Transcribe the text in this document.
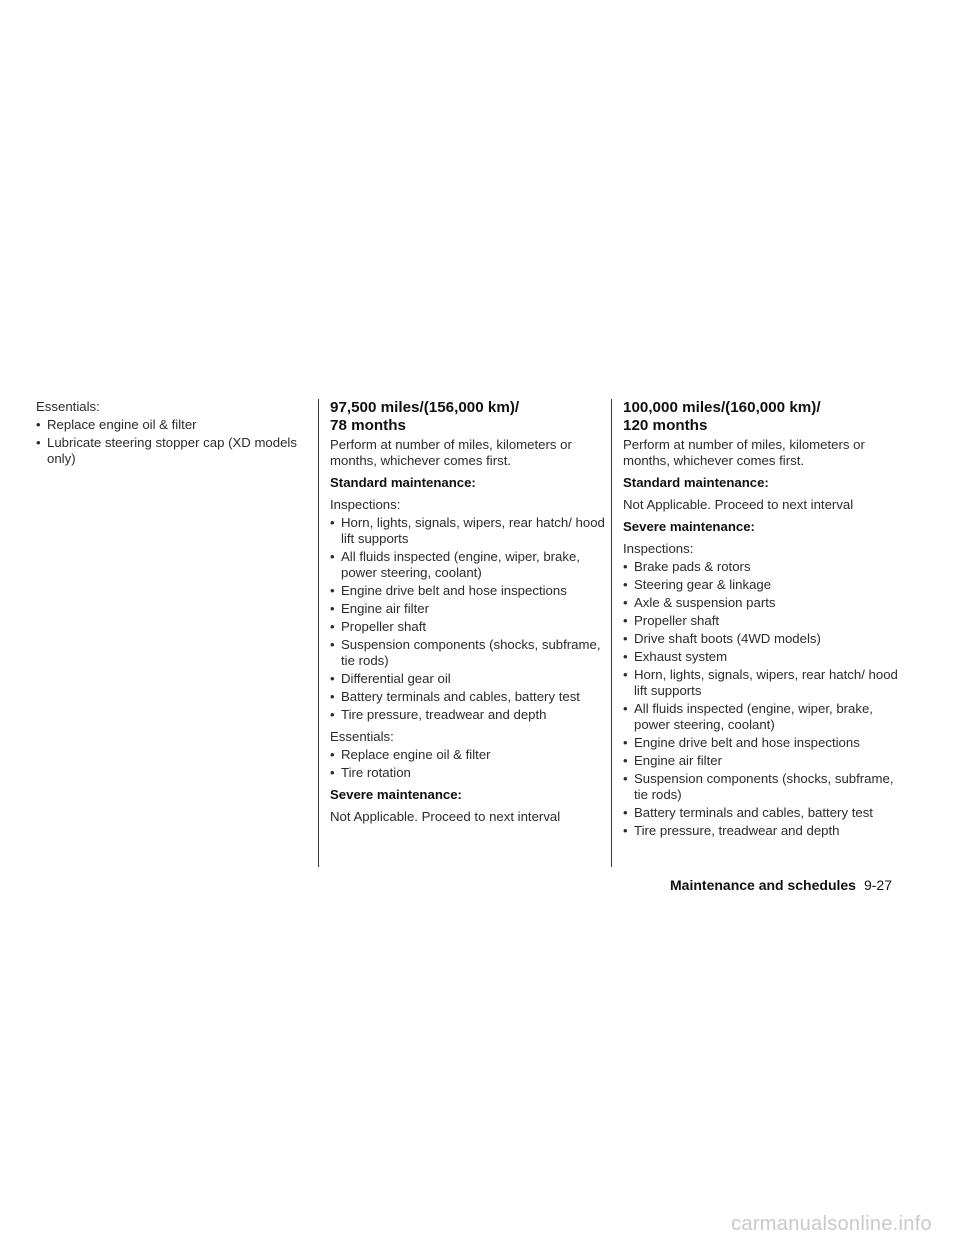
Essentials:
• Replace engine oil & filter
• Lubricate steering stopper cap (XD models only)
97,500 miles/(156,000 km)/
78 months
Perform at number of miles, kilometers or months, whichever comes first.
Standard maintenance:
Inspections:
• Horn, lights, signals, wipers, rear hatch/ hood lift supports
• All fluids inspected (engine, wiper, brake, power steering, coolant)
• Engine drive belt and hose inspections
• Engine air filter
• Propeller shaft
• Suspension components (shocks, subframe, tie rods)
• Differential gear oil
• Battery terminals and cables, battery test
• Tire pressure, treadwear and depth
Essentials:
• Replace engine oil & filter
• Tire rotation
Severe maintenance:
Not Applicable. Proceed to next interval
100,000 miles/(160,000 km)/
120 months
Perform at number of miles, kilometers or months, whichever comes first.
Standard maintenance:
Not Applicable. Proceed to next interval
Severe maintenance:
Inspections:
• Brake pads & rotors
• Steering gear & linkage
• Axle & suspension parts
• Propeller shaft
• Drive shaft boots (4WD models)
• Exhaust system
• Horn, lights, signals, wipers, rear hatch/ hood lift supports
• All fluids inspected (engine, wiper, brake, power steering, coolant)
• Engine drive belt and hose inspections
• Engine air filter
• Suspension components (shocks, subframe, tie rods)
• Battery terminals and cables, battery test
• Tire pressure, treadwear and depth
Maintenance and schedules 9-27
carmanualsonline.info
